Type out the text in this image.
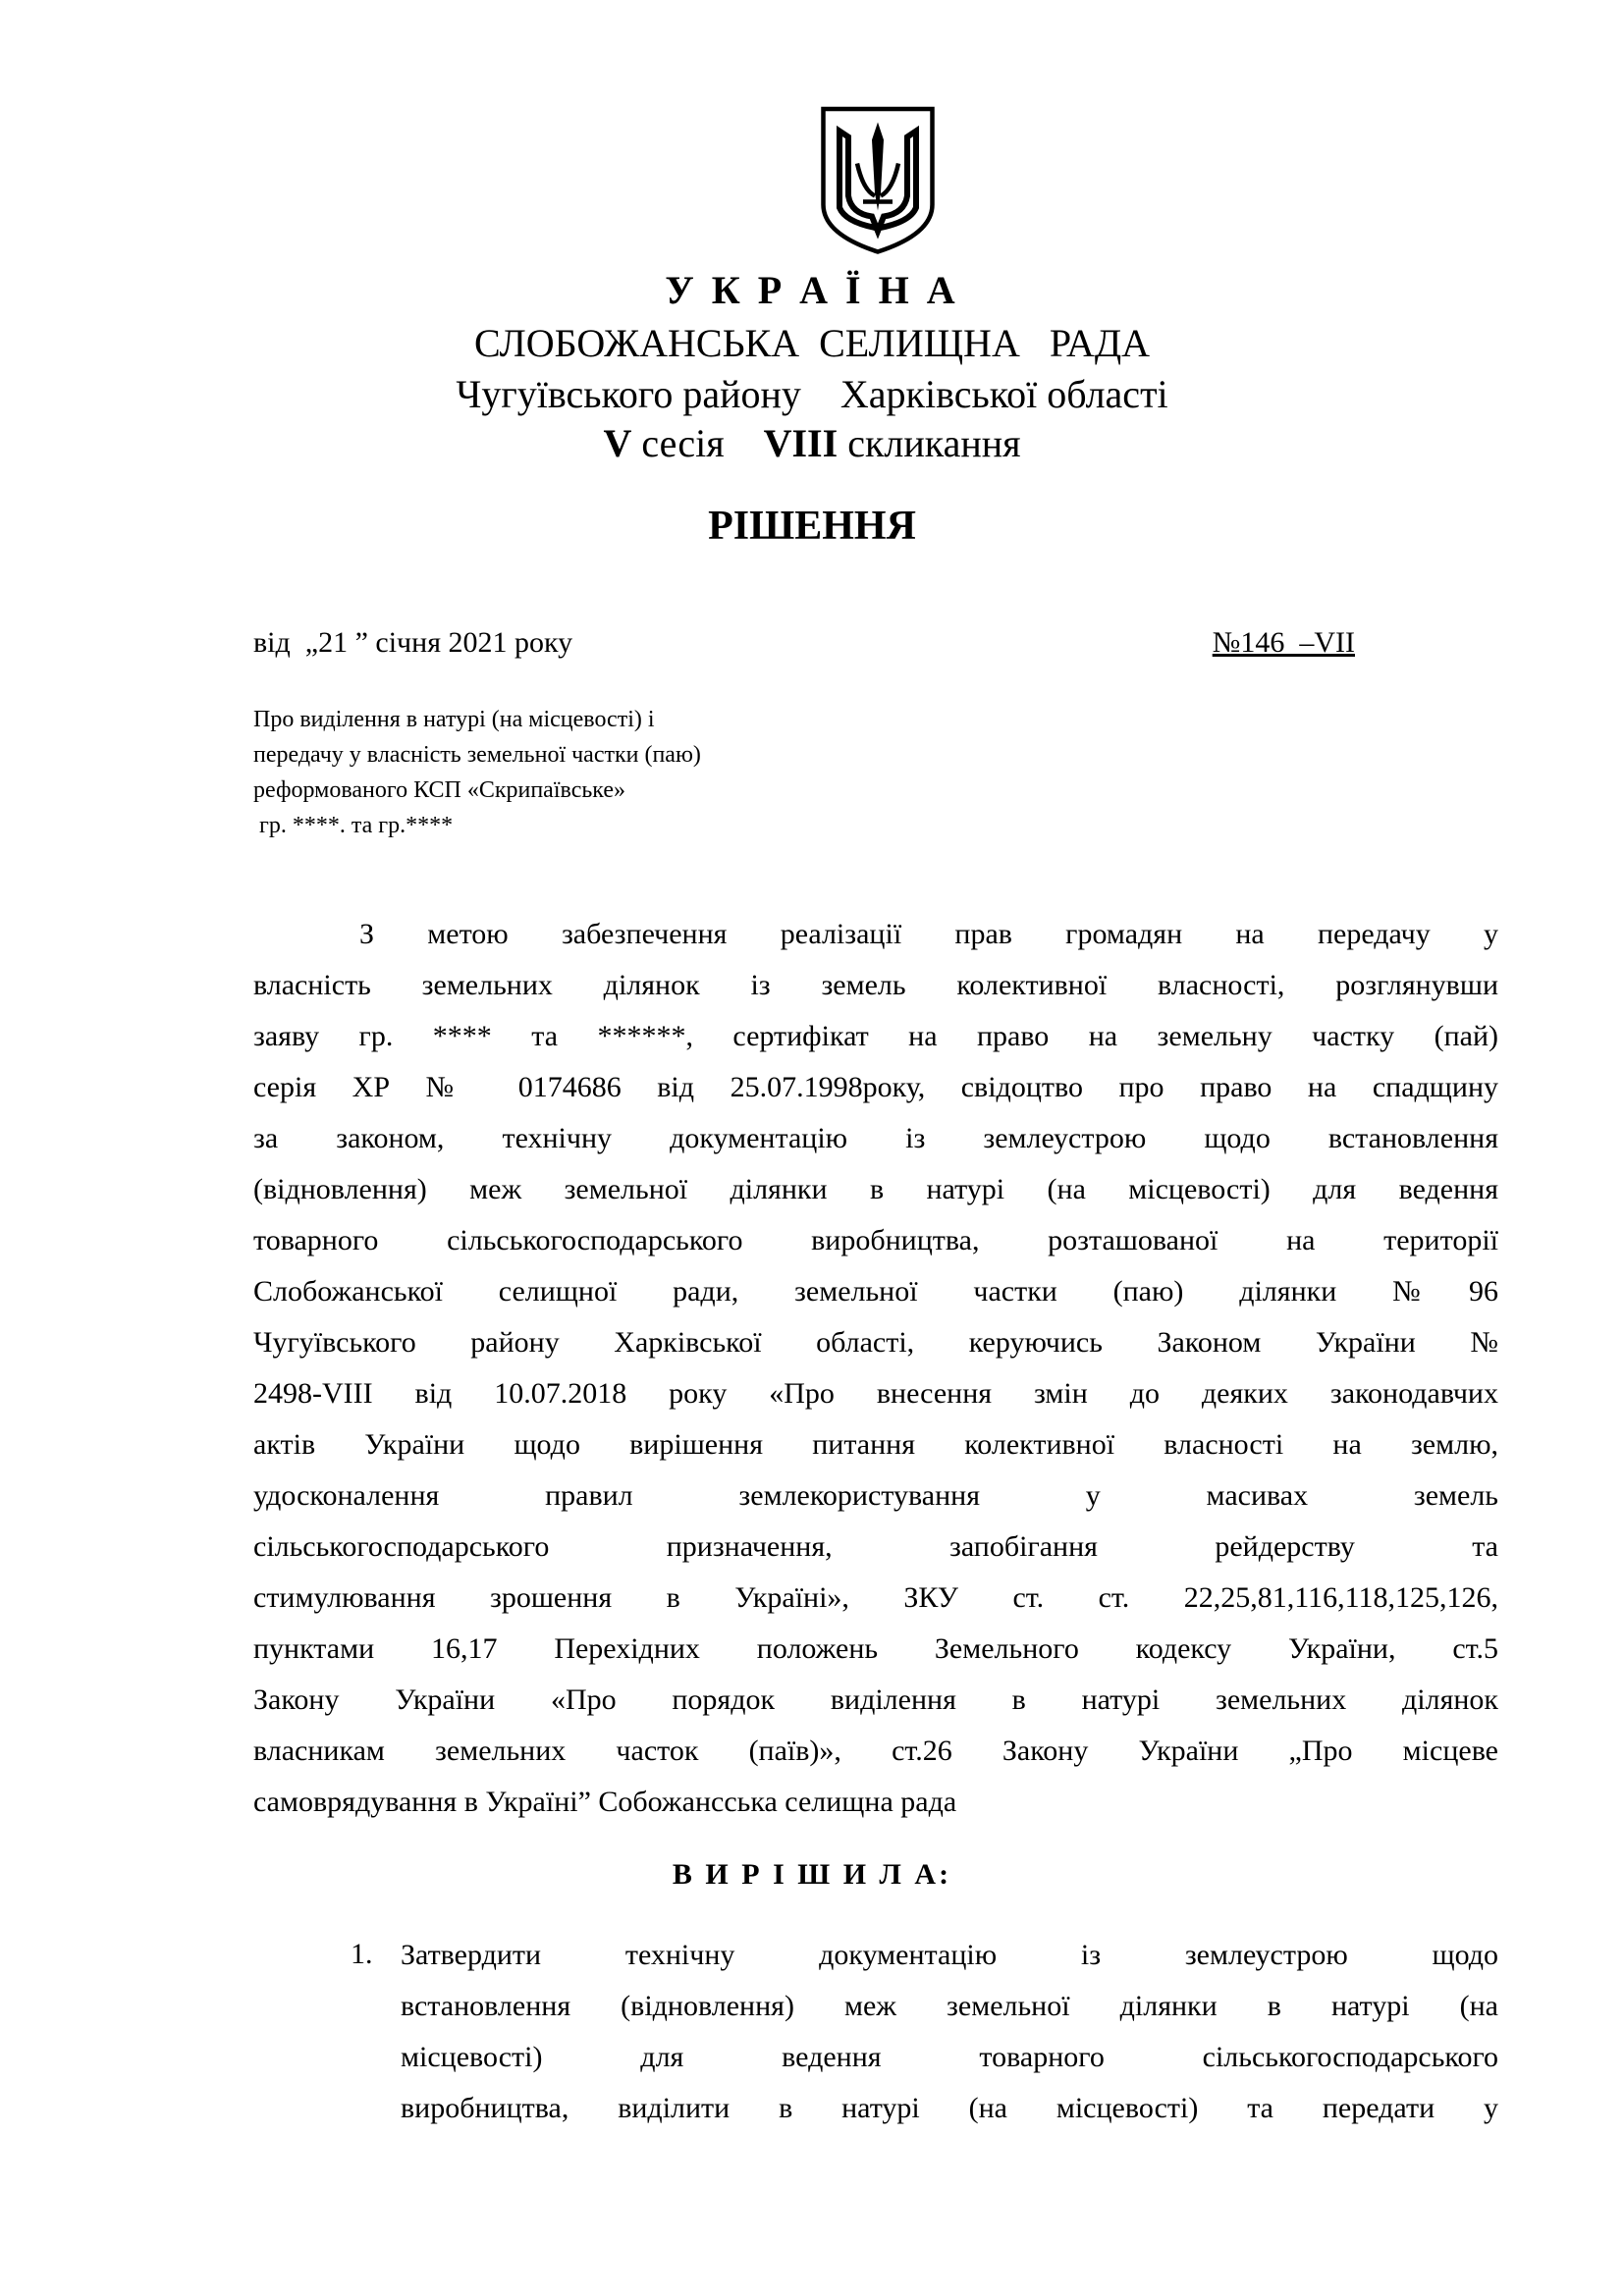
У К Р А Ї Н А
СЛОБОЖАНСЬКА  СЕЛИЩНА   РАДА
Чугуївського району    Харківської області
V сесія    VIII скликання
РІШЕННЯ
від  „21 ” січня 2021 року	№146  –VII
Про виділення в натурі (на місцевості) і
передачу у власність земельної частки (паю)
реформованого КСП «Скрипаївське»
гр. ****. та гр.****
З метою забезпечення реалізації прав громадян на передачу у
власність земельних ділянок із земель колективної власності, розглянувши
заяву гр. **** та ******, сертифікат на право на земельну частку (пай)
серія ХР № 0174686 від 25.07.1998року, свідоцтво про право на спадщину
за законом, технічну документацію із землеустрою щодо встановлення
(відновлення) меж земельної ділянки в натурі (на місцевості) для ведення
товарного сільськогосподарського виробництва, розташованої на території
Слобожанської селищної ради, земельної частки (паю) ділянки №96
Чугуївського району Харківської області, керуючись Законом України №
2498-VIII від 10.07.2018 року «Про внесення змін до деяких законодавчих
актів України щодо вирішення питання колективної власності на землю,
удосконалення правил землекористування у масивах земель
сільськогосподарського призначення, запобігання рейдерству та
стимулювання зрошення в Україні», ЗКУ ст. ст. 22,25,81,116,118,125,126,
пунктами 16,17 Перехідних положень Земельного кодексу України, ст.5
Закону України «Про порядок виділення в натурі земельних ділянок
власникам земельних часток (паїв)», ст.26 Закону України „Про місцеве
самоврядування в Україні” Собожансська селищна рада
В И Р І Ш И Л А:
1. Затвердити технічну документацію із землеустрою щодо
встановлення (відновлення) меж земельної ділянки в натурі (на
місцевості) для ведення товарного сільськогосподарського
виробництва, виділити в натурі (на місцевості) та передати у
